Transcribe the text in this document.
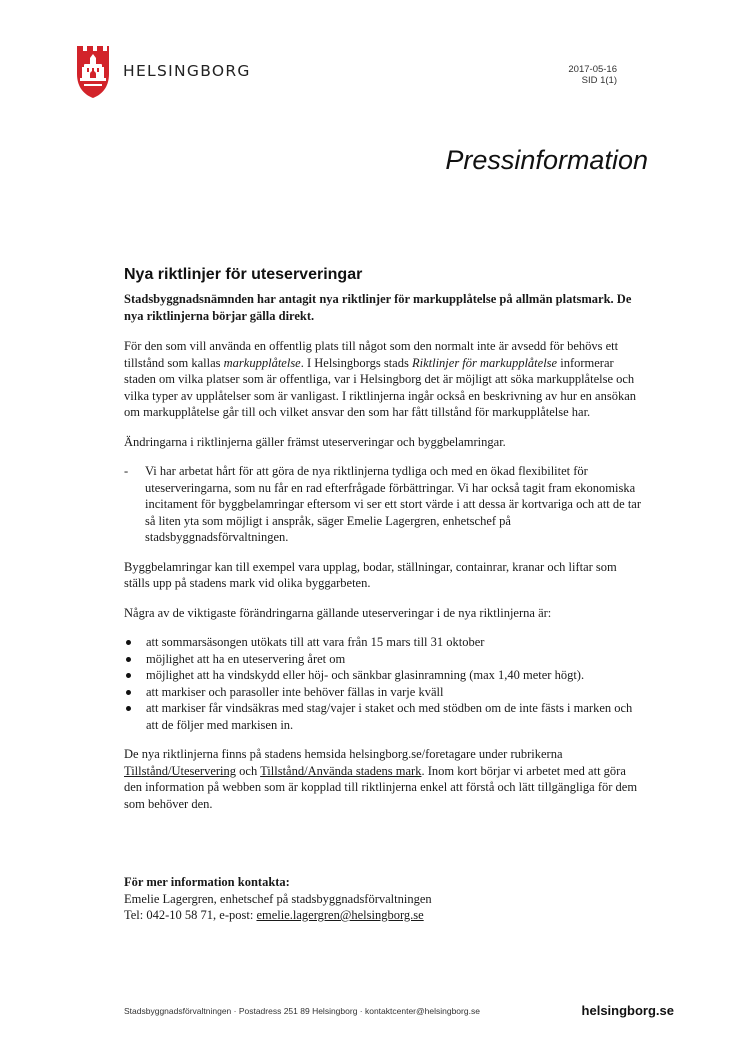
HELSINGBORG	2017-05-16
SID 1(1)
Pressinformation
Nya riktlinjer för uteserveringar

Stadsbyggnadsnämnden har antagit nya riktlinjer för markupplåtelse på allmän platsmark. De nya riktlinjerna börjar gälla direkt.

För den som vill använda en offentlig plats till något som den normalt inte är avsedd för behövs ett tillstånd som kallas markupplåtelse. I Helsingborgs stads Riktlinjer för markupplåtelse informerar staden om vilka platser som är offentliga, var i Helsingborg det är möjligt att söka markupplåtelse och vilka typer av upplåtelser som är vanligast. I riktlinjerna ingår också en beskrivning av hur en ansökan om markupplåtelse går till och vilket ansvar den som har fått tillstånd för markupplåtelse har.

Ändringarna i riktlinjerna gäller främst uteserveringar och byggbelamringar.

- Vi har arbetat hårt för att göra de nya riktlinjerna tydliga och med en ökad flexibilitet för uteserveringarna, som nu får en rad efterfrågade förbättringar. Vi har också tagit fram ekonomiska incitament för byggbelamringar eftersom vi ser ett stort värde i att dessa är kortvariga och att de tar så liten yta som möjligt i anspråk, säger Emelie Lagergren, enhetschef på stadsbyggnadsförvaltningen.

Byggbelamringar kan till exempel vara upplag, bodar, ställningar, containrar, kranar och liftar som ställs upp på stadens mark vid olika byggarbeten.

Några av de viktigaste förändringarna gällande uteserveringar i de nya riktlinjerna är:

att sommarsäsongen utökats till att vara från 15 mars till 31 oktober
möjlighet att ha en uteservering året om
möjlighet att ha vindskydd eller höj- och sänkbar glasinramning (max 1,40 meter högt).
att markiser och parasoller inte behöver fällas in varje kväll
att markiser får vindsäkras med stag/vajer i staket och med stödben om de inte fästs i marken och att de följer med markisen in.

De nya riktlinjerna finns på stadens hemsida helsingborg.se/foretagare under rubrikerna Tillstånd/Uteservering och Tillstånd/Använda stadens mark. Inom kort börjar vi arbetet med att göra den information på webben som är kopplad till riktlinjerna enkel att förstå och lätt tillgängliga för dem som behöver den.

För mer information kontakta:
Emelie Lagergren, enhetschef på stadsbyggnadsförvaltningen
Tel: 042-10 58 71, e-post: emelie.lagergren@helsingborg.se
Stadsbyggnadsförvaltningen · Postadress 251 89 Helsingborg · kontaktcenter@helsingborg.se	helsingborg.se
